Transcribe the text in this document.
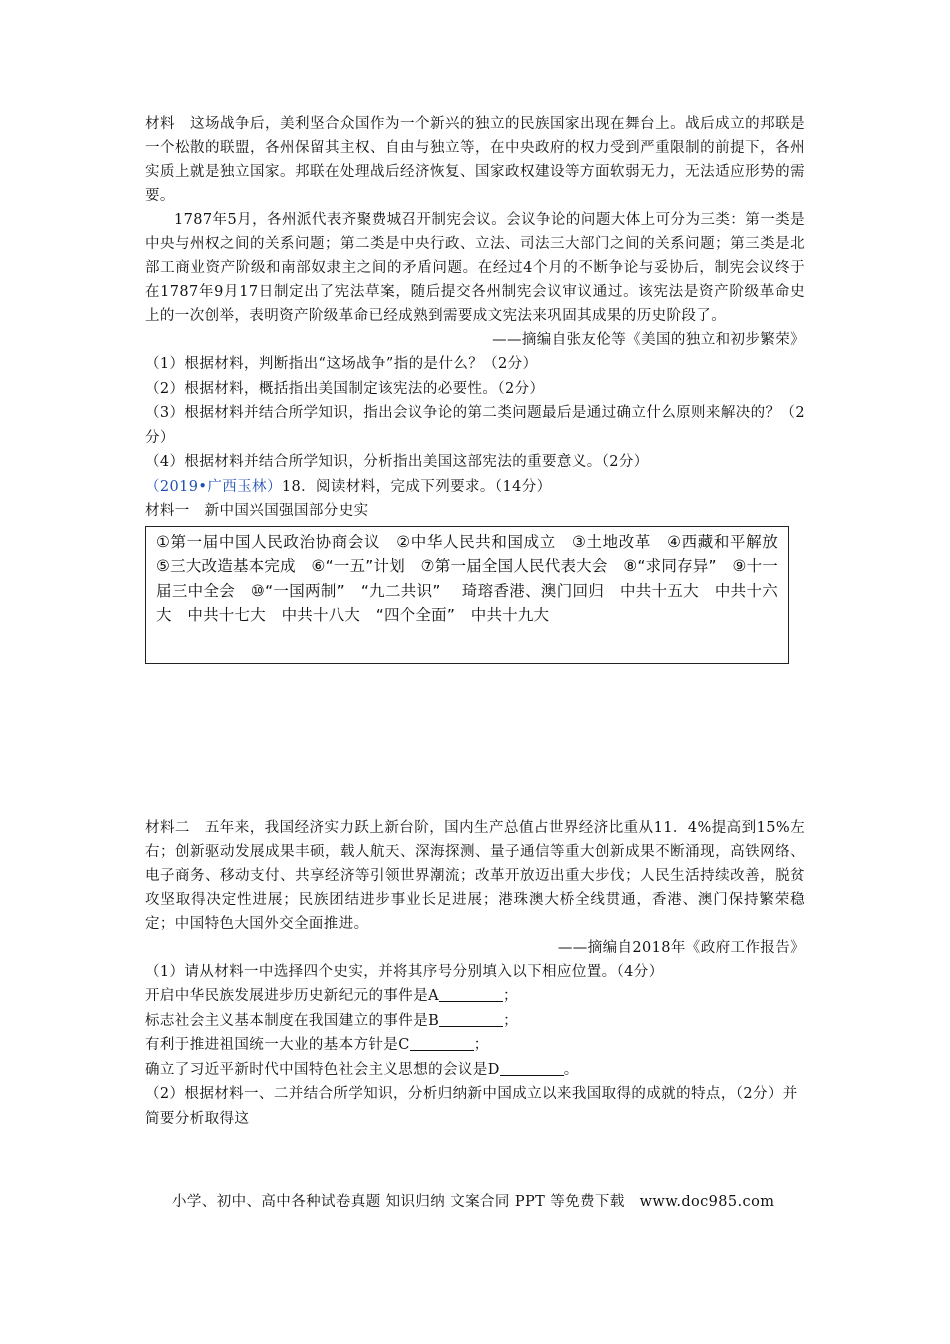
材料　这场战争后，美利坚合众国作为一个新兴的独立的民族国家出现在舞台上。战后成立的邦联是一个松散的联盟，各州保留其主权、自由与独立等，在中央政府的权力受到严重限制的前提下，各州实质上就是独立国家。邦联在处理战后经济恢复、国家政权建设等方面软弱无力，无法适应形势的需要。

1787年5月，各州派代表齐聚费城召开制宪会议。会议争论的问题大体上可分为三类：第一类是中央与州权之间的关系问题；第二类是中央行政、立法、司法三大部门之间的关系问题；第三类是北部工商业资产阶级和南部奴隶主之间的矛盾问题。在经过4个月的不断争论与妥协后，制宪会议终于在1787年9月17日制定出了宪法草案，随后提交各州制宪会议审议通过。该宪法是资产阶级革命史上的一次创举，表明资产阶级革命已经成熟到需要成文宪法来巩固其成果的历史阶段了。

——摘编自张友伦等《美国的独立和初步繁荣》

（1）根据材料，判断指出“这场战争”指的是什么？（2分）

（2）根据材料，概括指出美国制定该宪法的必要性。（2分）

（3）根据材料并结合所学知识，指出会议争论的第二类问题最后是通过确立什么原则来解决的？（2分）

（4）根据材料并结合所学知识，分析指出美国这部宪法的重要意义。（2分）

（2019•广西玉林）18．阅读材料，完成下列要求。（14分）

材料一　新中国兴国强国部分史实

①第一届中国人民政治协商会议　②中华人民共和国成立　③土地改革　④西藏和平解放　⑤三大改造基本完成　⑥“一五”计划　⑦第一届全国人民代表大会　⑧“求同存异”　⑨十一届三中全会　⑩“一国两制”　“九二共识”　 琦瑢香港、澳门回归　中共十五大　中共十六大　中共十七大　中共十八大　“四个全面”　中共十九大

材料二　五年来，我国经济实力跃上新台阶，国内生产总值占世界经济比重从11．4%提高到15%左右；创新驱动发展成果丰硕，载人航天、深海探测、量子通信等重大创新成果不断涌现，高铁网络、电子商务、移动支付、共享经济等引领世界潮流；改革开放迈出重大步伐；人民生活持续改善，脱贫攻坚取得决定性进展；民族团结进步事业长足进展；港珠澳大桥全线贯通，香港、澳门保持繁荣稳定；中国特色大国外交全面推进。

——摘编自2018年《政府工作报告》

（1）请从材料一中选择四个史实，并将其序号分别填入以下相应位置。（4分）

开启中华民族发展进步历史新纪元的事件是A	；

标志社会主义基本制度在我国建立的事件是B	；

有利于推进祖国统一大业的基本方针是C	；

确立了习近平新时代中国特色社会主义思想的会议是D	。

（2）根据材料一、二并结合所学知识，分析归纳新中国成立以来我国取得的成就的特点，（2分）并简要分析取得这

小学、初中、高中各种试卷真题 知识归纳 文案合同 PPT 等免费下载　www.doc985.com
